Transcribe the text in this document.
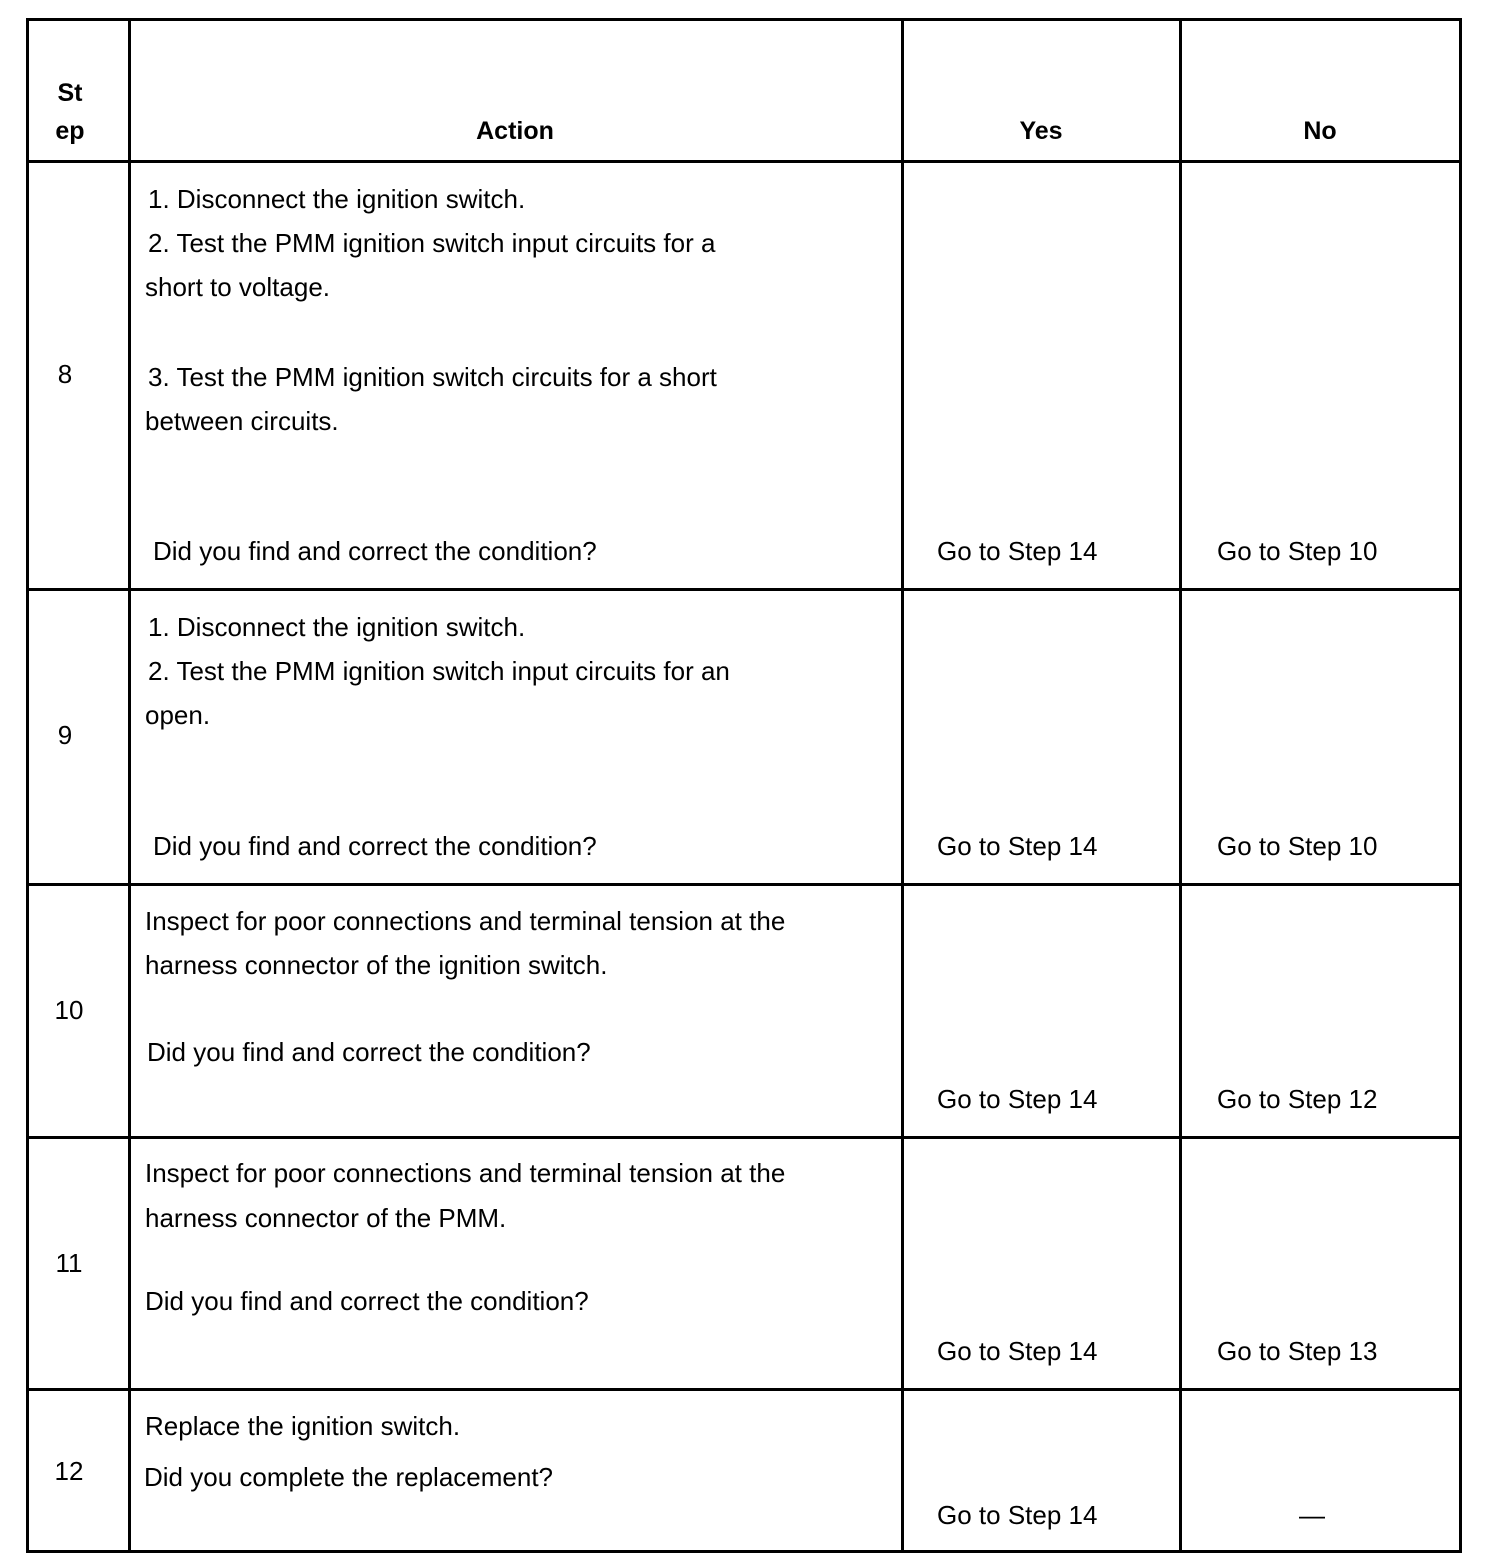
St
ep	Action	Yes	No
8
1. Disconnect the ignition switch.
2. Test the PMM ignition switch input circuits for a
short to voltage.
3. Test the PMM ignition switch circuits for a short
between circuits.
Did you find and correct the condition?	Go to Step 14	Go to Step 10
9
1. Disconnect the ignition switch.
2. Test the PMM ignition switch input circuits for an
open.
Did you find and correct the condition?	Go to Step 14	Go to Step 10
10
Inspect for poor connections and terminal tension at the
harness connector of the ignition switch.
Did you find and correct the condition?
Go to Step 14	Go to Step 12
11
Inspect for poor connections and terminal tension at the
harness connector of the PMM.
Did you find and correct the condition?
Go to Step 14	Go to Step 13
12
Replace the ignition switch.
Did you complete the replacement?
Go to Step 14	—
